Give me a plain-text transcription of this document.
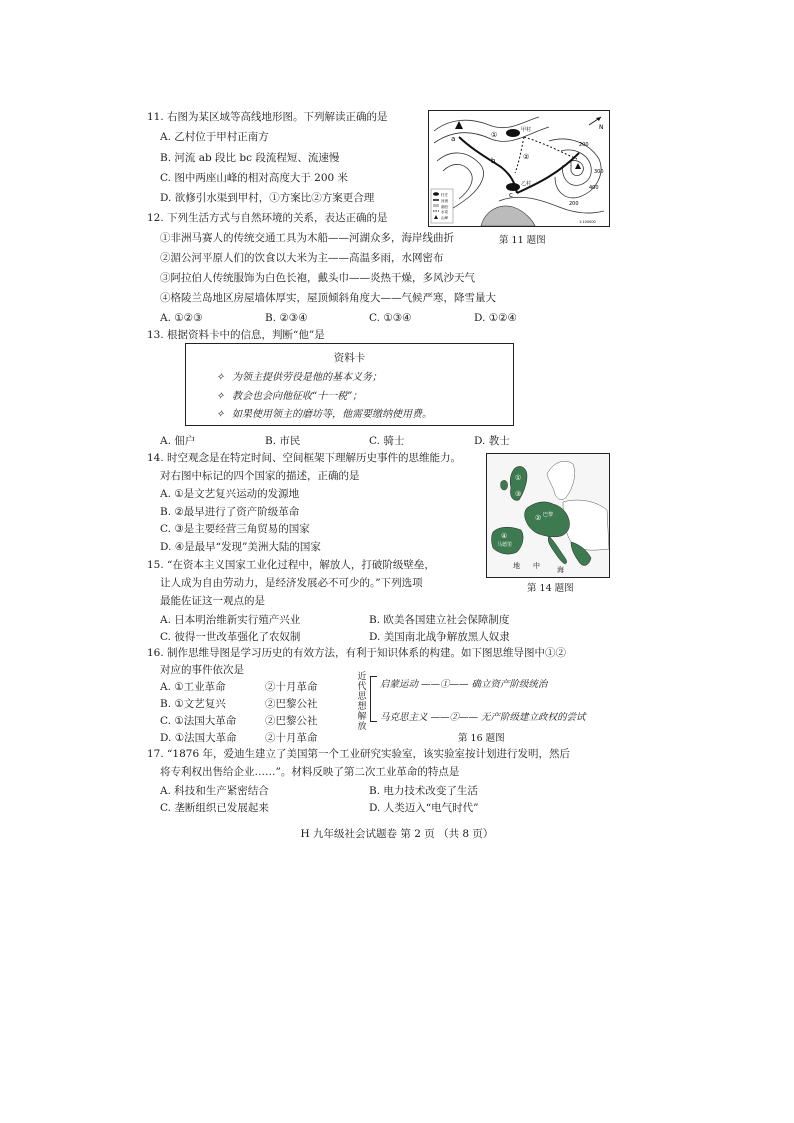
11. 右图为某区域等高线地形图。下列解读正确的是
A. 乙村位于甲村正南方
B. 河流 ab 段比 bc 段流程短、流速慢
C. 图中两座山峰的相对高度大于 200 米
D. 欲修引水渠到甲村，①方案比②方案更合理	村庄
河流
湖泊
水渠
山峰
甲村
乙村
①
②
a
b
c
200
300
400
200
1:100000
N
第 11 题图
12. 下列生活方式与自然环境的关系，表达正确的是
①非洲马赛人的传统交通工具为木船——河湖众多，海岸线曲折
②湄公河平原人们的饮食以大米为主——高温多雨，水网密布
③阿拉伯人传统服饰为白色长袍，戴头巾——炎热干燥，多风沙天气
④格陵兰岛地区房屋墙体厚实，屋顶倾斜角度大——气候严寒，降雪量大
A. ①②③	B. ②③④	C. ①③④	D. ①②④
13. 根据资料卡中的信息，判断“他”是
资料卡
✧ 为领主提供劳役是他的基本义务；
✧ 教会也会向他征收“十一税”；
✧ 如果使用领主的磨坊等，他需要缴纳使用费。
A. 佃户	B. 市民	C. 骑士	D. 教士
14. 时空观念是在特定时间、空间框架下理解历史事件的思维能力。
对右图中标记的四个国家的描述，正确的是
A. ①是文艺复兴运动的发源地
B. ②最早进行了资产阶级革命
C. ③是主要经营三角贸易的国家
D. ④是最早“发现”美洲大陆的国家
①
③
② 巴黎
④
马德里
地 中 海
第 14 题图
15. “在资本主义国家工业化过程中，解放人，打破阶级壁垒，
让人成为自由劳动力，是经济发展必不可少的。”下列选项
最能佐证这一观点的是
A. 日本明治维新实行殖产兴业	B. 欧美各国建立社会保障制度
C. 彼得一世改革强化了农奴制	D. 美国南北战争解放黑人奴隶
16. 制作思维导图是学习历史的有效方法，有利于知识体系的构建。如下图思维导图中①②
对应的事件依次是
A. ①工业革命	②十月革命
B. ①文艺复兴	②巴黎公社
C. ①法国大革命	②巴黎公社
D. ①法国大革命	②十月革命
近代思想解放
启蒙运动 ——①—— 确立资产阶级统治
马克思主义 ——②—— 无产阶级建立政权的尝试
第 16 题图
17. “1876 年，爱迪生建立了美国第一个工业研究实验室，该实验室按计划进行发明，然后
将专利权出售给企业……”。材料反映了第二次工业革命的特点是
A. 科技和生产紧密结合	B. 电力技术改变了生活
C. 垄断组织已发展起来	D. 人类迈入“电气时代”
H 九年级社会试题卷 第 2 页 （共 8 页）
